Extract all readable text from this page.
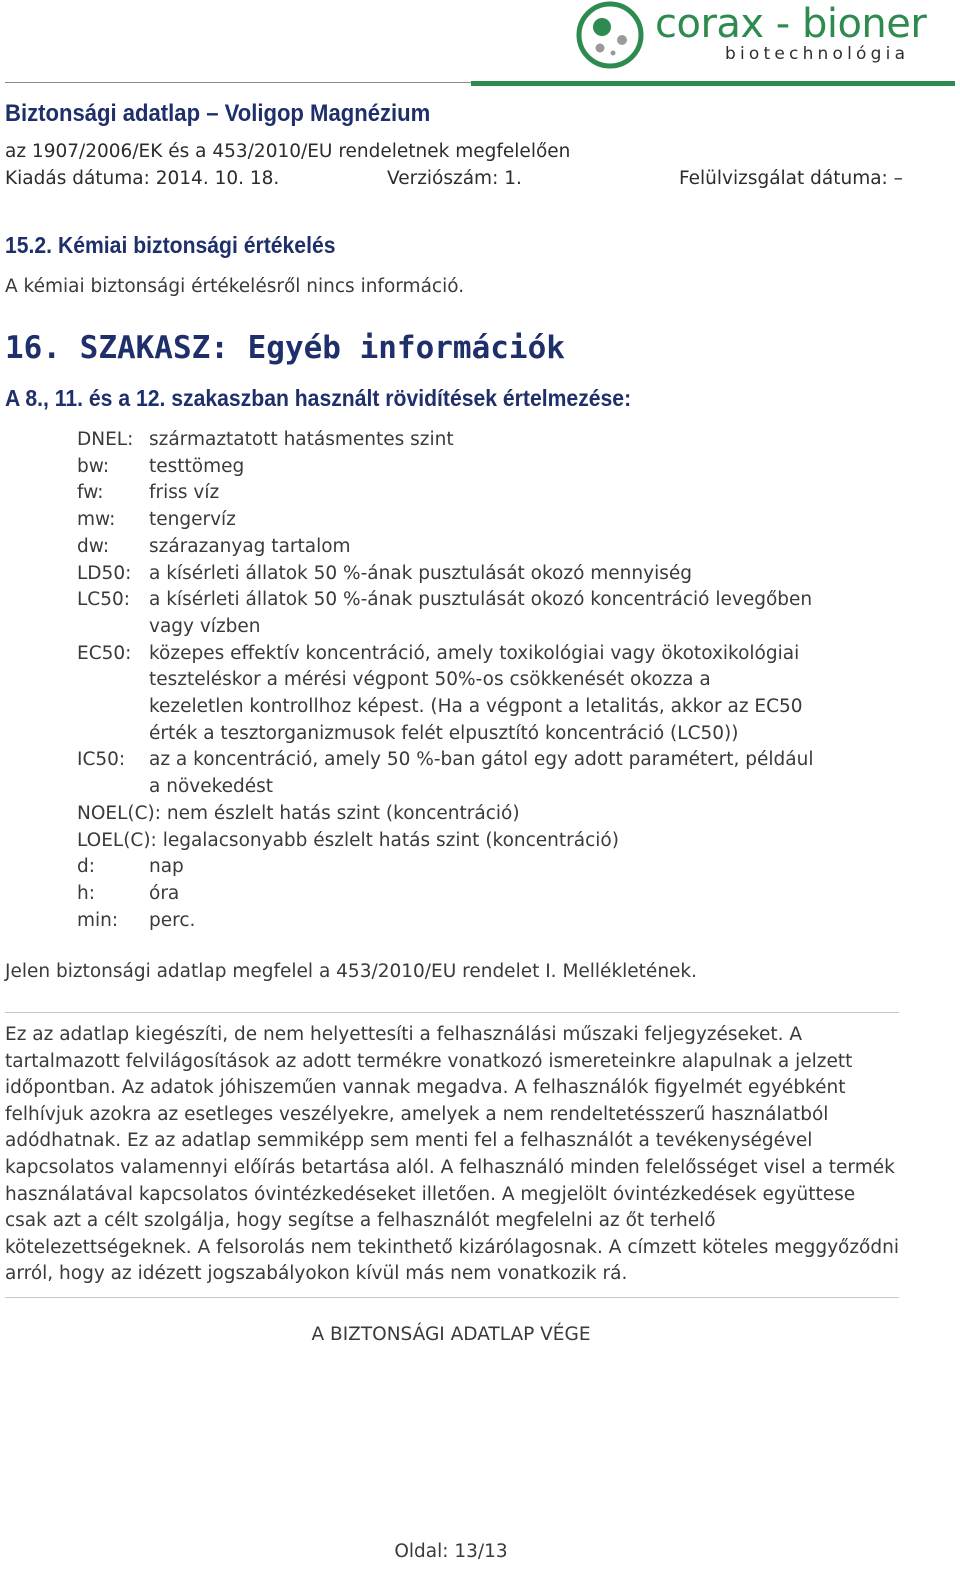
corax - bioner
biotechnológia
Biztonsági adatlap – Voligop Magnézium
az 1907/2006/EK és a 453/2010/EU rendeletnek megfelelően
Kiadás dátuma: 2014. 10. 18.	Verziószám: 1.	Felülvizsgálat dátuma: –
15.2. Kémiai biztonsági értékelés
A kémiai biztonsági értékelésről nincs információ.
16. SZAKASZ: Egyéb információk
A 8., 11. és a 12. szakaszban használt rövidítések értelmezése:
DNEL: származtatott hatásmentes szint
bw: testtömeg
fw: friss víz
mw: tengervíz
dw: szárazanyag tartalom
LD50: a kísérleti állatok 50 %-ának pusztulását okozó mennyiség
LC50: a kísérleti állatok 50 %-ának pusztulását okozó koncentráció levegőben vagy vízben
EC50: közepes effektív koncentráció, amely toxikológiai vagy ökotoxikológiai teszteléskor a mérési végpont 50%-os csökkenését okozza a kezeletlen kontrollhoz képest. (Ha a végpont a letalitás, akkor az EC50 érték a tesztorganizmusok felét elpusztító koncentráció (LC50))
IC50: az a koncentráció, amely 50 %-ban gátol egy adott paramétert, például a növekedést
NOEL(C): nem észlelt hatás szint (koncentráció)
LOEL(C): legalacsonyabb észlelt hatás szint (koncentráció)
d:	nap
h:	óra
min: perc.
Jelen biztonsági adatlap megfelel a 453/2010/EU rendelet I. Mellékletének.
Ez az adatlap kiegészíti, de nem helyettesíti a felhasználási műszaki feljegyzéseket. A tartalmazott felvilágosítások az adott termékre vonatkozó ismereteinkre alapulnak a jelzett időpontban. Az adatok jóhiszeműen vannak megadva. A felhasználók figyelmét egyébként felhívjuk azokra az esetleges veszélyekre, amelyek a nem rendeltetésszerű használatból adódhatnak. Ez az adatlap semmiképp sem menti fel a felhasználót a tevékenységével kapcsolatos valamennyi előírás betartása alól. A felhasználó minden felelősséget visel a termék használatával kapcsolatos óvintézkedéseket illetően. A megjelölt óvintézkedések együttese csak azt a célt szolgálja, hogy segítse a felhasználót megfelelni az őt terhelő kötelezettségeknek. A felsorolás nem tekinthető kizárólagosnak. A címzett köteles meggyőződni arról, hogy az idézett jogszabályokon kívül más nem vonatkozik rá.
A BIZTONSÁGI ADATLAP VÉGE
Oldal: 13/13
